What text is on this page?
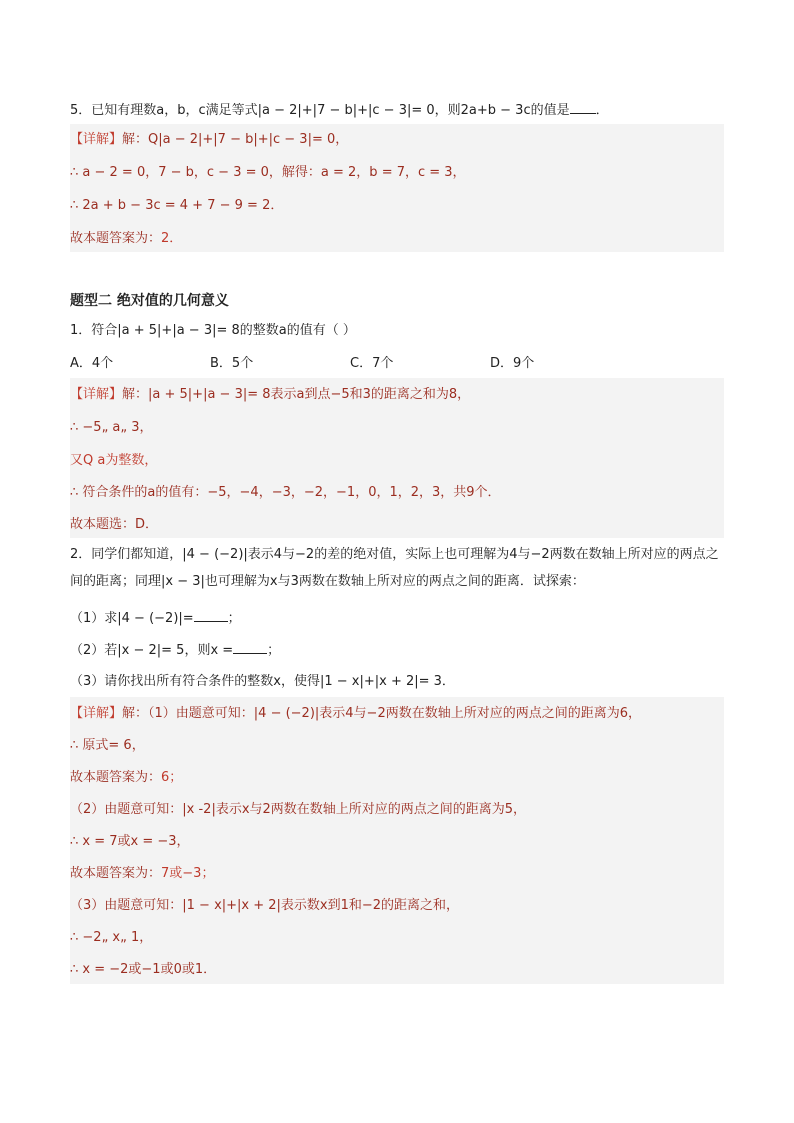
5．已知有理数a，b，c满足等式|a − 2|+|7 − b|+|c − 3|= 0，则2a+b − 3c的值是 ．
【详解】解：Q|a − 2|+|7 − b|+|c − 3|= 0，
∴ a − 2 = 0，7 − b，c − 3 = 0，解得：a = 2，b = 7，c = 3，
∴ 2a + b − 3c = 4 + 7 − 9 = 2．
故本题答案为：2．
题型二 绝对值的几何意义
1．符合|a + 5|+|a − 3|= 8的整数a的值有（ ）
A．4个	B．5个	C．7个	D．9个
【详解】解：|a + 5|+|a − 3|= 8表示a到点−5和3的距离之和为8，
∴ −5„ a„ 3，
又Q a为整数，
∴ 符合条件的a的值有：−5，−4，−3，−2，−1，0，1，2，3，共9个．
故本题选：D．
2．同学们都知道，|4 − (−2)|表示4与−2的差的绝对值，实际上也可理解为4与−2两数在数轴上所对应的两点之间的距离；同理|x − 3|也可理解为x与3两数在数轴上所对应的两点之间的距离．试探索：
（1）求|4 − (−2)|=	；
（2）若|x − 2|= 5，则x =	；
（3）请你找出所有符合条件的整数x，使得|1 − x|+|x + 2|= 3．
【详解】解：（1）由题意可知：|4 − (−2)|表示4与−2两数在数轴上所对应的两点之间的距离为6，
∴ 原式= 6，
故本题答案为：6；
（2）由题意可知：|x -2|表示x与2两数在数轴上所对应的两点之间的距离为5，
∴ x = 7或x = −3，
故本题答案为：7或−3；
（3）由题意可知：|1 − x|+|x + 2|表示数x到1和−2的距离之和，
∴ −2„ x„ 1，
∴ x = −2或−1或0或1．
